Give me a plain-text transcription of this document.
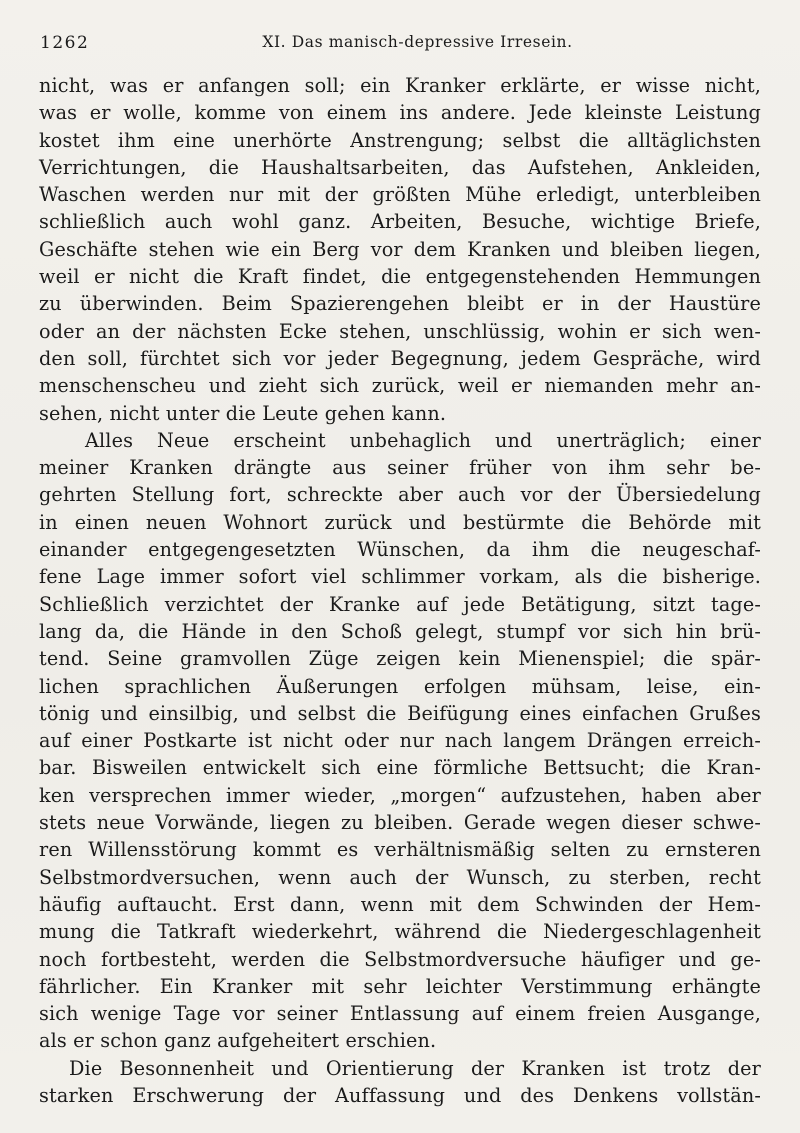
1262	XI. Das manisch-depressive Irresein.
nicht, was er anfangen soll; ein Kranker erklärte, er wisse nicht,
was er wolle, komme von einem ins andere. Jede kleinste Leistung
kostet ihm eine unerhörte Anstrengung; selbst die alltäglichsten
Verrichtungen, die Haushaltsarbeiten, das Aufstehen, Ankleiden,
Waschen werden nur mit der größten Mühe erledigt, unterbleiben
schließlich auch wohl ganz. Arbeiten, Besuche, wichtige Briefe,
Geschäfte stehen wie ein Berg vor dem Kranken und bleiben liegen,
weil er nicht die Kraft findet, die entgegenstehenden Hemmungen
zu überwinden. Beim Spazierengehen bleibt er in der Haustüre
oder an der nächsten Ecke stehen, unschlüssig, wohin er sich wen-
den soll, fürchtet sich vor jeder Begegnung, jedem Gespräche, wird
menschenscheu und zieht sich zurück, weil er niemanden mehr an-
sehen, nicht unter die Leute gehen kann.
Alles Neue erscheint unbehaglich und unerträglich; einer
meiner Kranken drängte aus seiner früher von ihm sehr be-
gehrten Stellung fort, schreckte aber auch vor der Übersiedelung
in einen neuen Wohnort zurück und bestürmte die Behörde mit
einander entgegengesetzten Wünschen, da ihm die neugeschaf-
fene Lage immer sofort viel schlimmer vorkam, als die bisherige.
Schließlich verzichtet der Kranke auf jede Betätigung, sitzt tage-
lang da, die Hände in den Schoß gelegt, stumpf vor sich hin brü-
tend. Seine gramvollen Züge zeigen kein Mienenspiel; die spär-
lichen sprachlichen Äußerungen erfolgen mühsam, leise, ein-
tönig und einsilbig, und selbst die Beifügung eines einfachen Grußes
auf einer Postkarte ist nicht oder nur nach langem Drängen erreich-
bar. Bisweilen entwickelt sich eine förmliche Bettsucht; die Kran-
ken versprechen immer wieder, „morgen“ aufzustehen, haben aber
stets neue Vorwände, liegen zu bleiben. Gerade wegen dieser schwe-
ren Willensstörung kommt es verhältnismäßig selten zu ernsteren
Selbstmordversuchen, wenn auch der Wunsch, zu sterben, recht
häufig auftaucht. Erst dann, wenn mit dem Schwinden der Hem-
mung die Tatkraft wiederkehrt, während die Niedergeschlagenheit
noch fortbesteht, werden die Selbstmordversuche häufiger und ge-
fährlicher. Ein Kranker mit sehr leichter Verstimmung erhängte
sich wenige Tage vor seiner Entlassung auf einem freien Ausgange,
als er schon ganz aufgeheitert erschien.
Die Besonnenheit und Orientierung der Kranken ist trotz der
starken Erschwerung der Auffassung und des Denkens vollstän-
